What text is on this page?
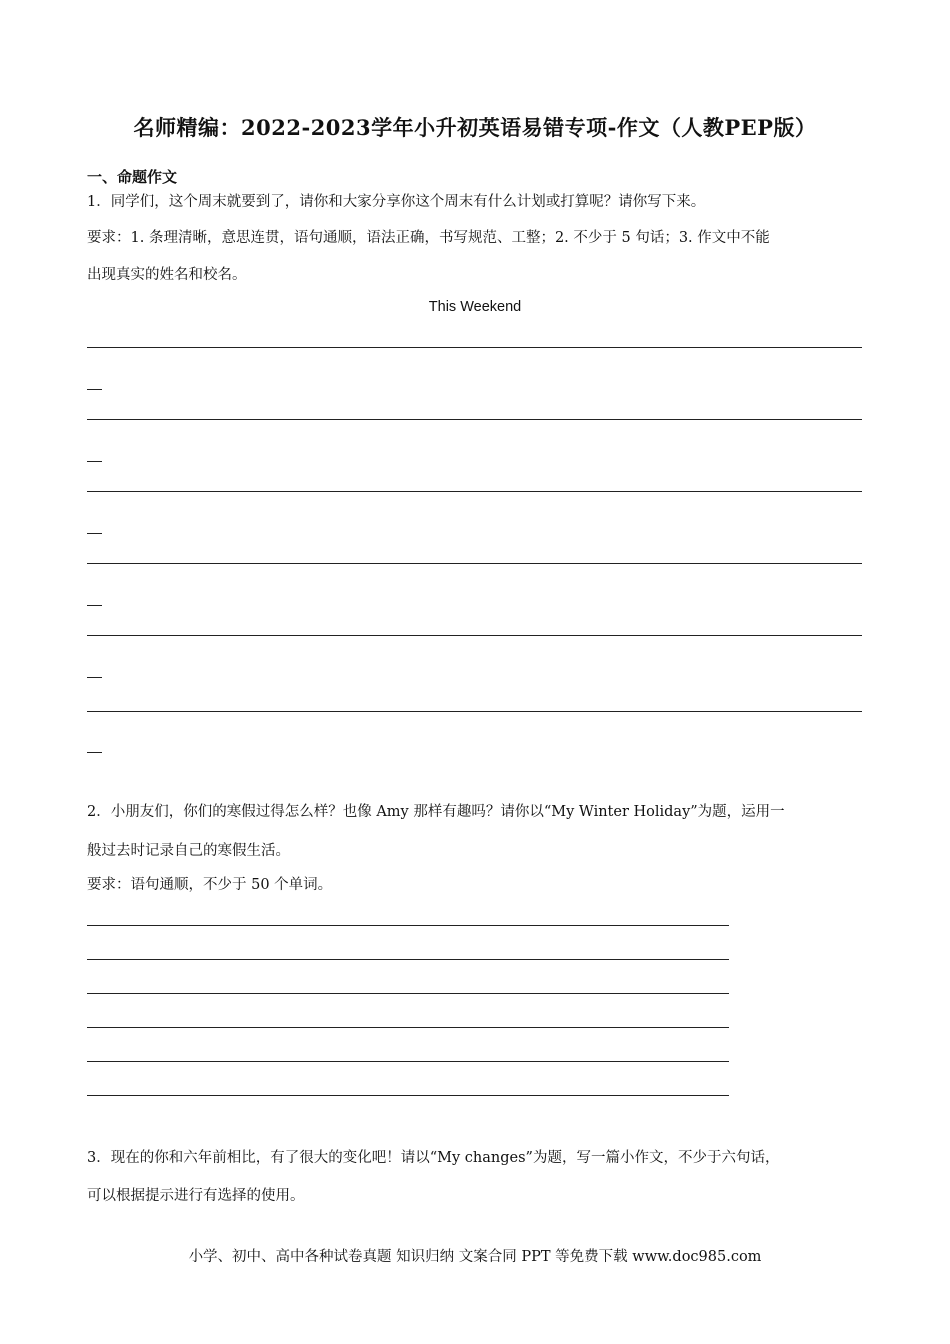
名师精编：2022-2023学年小升初英语易错专项-作文（人教PEP版）
一、命题作文
1．同学们，这个周末就要到了，请你和大家分享你这个周末有什么计划或打算呢？请你写下来。
要求：1. 条理清晰，意思连贯，语句通顺，语法正确，书写规范、工整；2. 不少于 5 句话；3. 作文中不能
出现真实的姓名和校名。
This Weekend
2．小朋友们，你们的寒假过得怎么样？也像 Amy 那样有趣吗？请你以“My Winter Holiday”为题，运用一
般过去时记录自己的寒假生活。
要求：语句通顺，不少于 50 个单词。
3．现在的你和六年前相比，有了很大的变化吧！请以“My changes”为题，写一篇小作文，不少于六句话，
可以根据提示进行有选择的使用。
小学、初中、高中各种试卷真题 知识归纳 文案合同 PPT 等免费下载 www.doc985.com
